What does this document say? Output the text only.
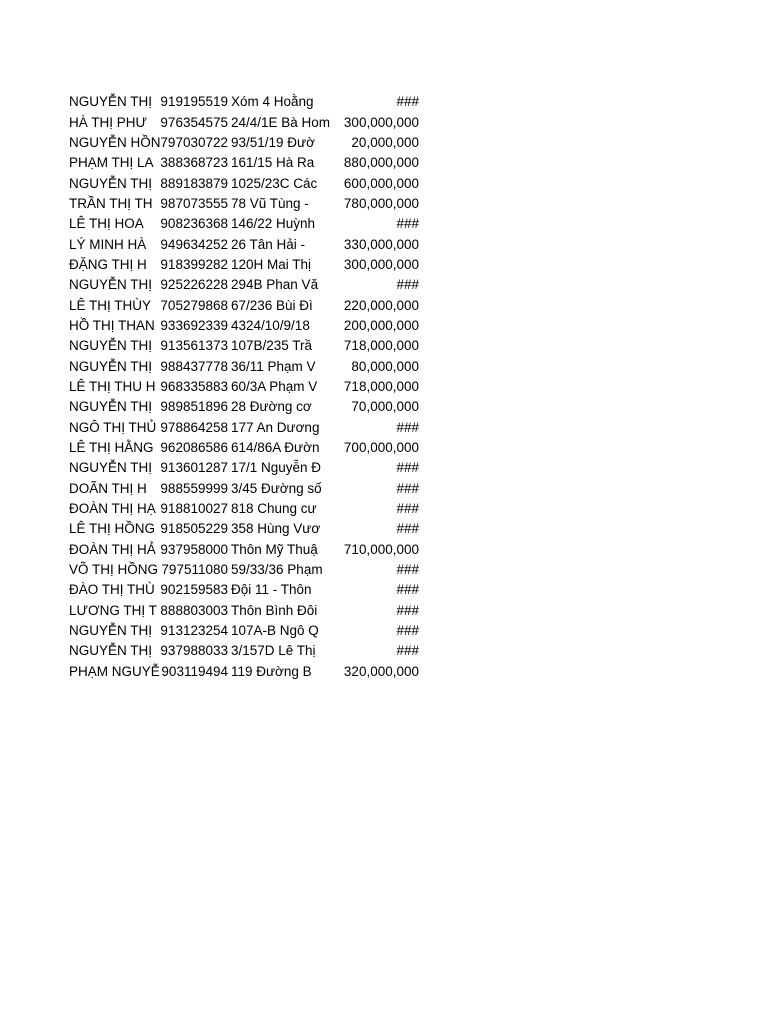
NGUYỄN THỊ 919195519 Xóm 4 Hoằng	###
HÀ THỊ PHƯ 976354575 24/4/1E Bà Hom	300,000,000
NGUYỄN HỒN 797030722 93/51/19 Đườ	20,000,000
PHẠM THỊ LA 388368723 161/15 Hà Ra	880,000,000
NGUYỄN THỊ 889183879 1025/23C Các	600,000,000
TRẦN THỊ TH 987073555 78 Vũ Tùng -	780,000,000
LÊ THỊ HOA	908236368 146/22 Huỳnh	###
LÝ MINH HÀ	949634252 26 Tân Hải -	330,000,000
ĐẶNG THỊ H	918399282 120H Mai Thị	300,000,000
NGUYỄN THỊ 925226228 294B Phan Vă	###
LÊ THỊ THÙY 705279868 67/236 Bùi Đì	220,000,000
HỒ THỊ THAN 933692339 4324/10/9/18	200,000,000
NGUYỄN THỊ 913561373 107B/235 Trầ	718,000,000
NGUYỄN THỊ 988437778 36/11 Phạm V	80,000,000
LÊ THỊ THU H 968335883 60/3A Phạm V	718,000,000
NGUYỄN THỊ 989851896 28 Đường cơ	70,000,000
NGÔ THỊ THỦ 978864258 177 An Dương	###
LÊ THỊ HẰNG 962086586 614/86A Đườn	700,000,000
NGUYỄN THỊ 913601287 17/1 Nguyễn Đ	###
DOÃN THỊ H	988559999 3/45 Đường số	###
ĐOÀN THỊ HẠ 918810027 818 Chung cư	###
LÊ THỊ HỒNG 918505229 358 Hùng Vươ	###
ĐOÀN THỊ HẢ 937958000 Thôn Mỹ Thuậ	710,000,000
VÕ THỊ HỒNG 797511080 59/33/36 Phạm	###
ĐÀO THỊ THÙ 902159583 Đội 11 - Thôn	###
LƯƠNG THỊ T 888803003 Thôn Bình Đôi	###
NGUYỄN THỊ 913123254 107A-B Ngô Q	###
NGUYỄN THỊ 937988033 3/157D Lê Thị	###
PHẠM NGUYỄ 903119494 119 Đường B	320,000,000
